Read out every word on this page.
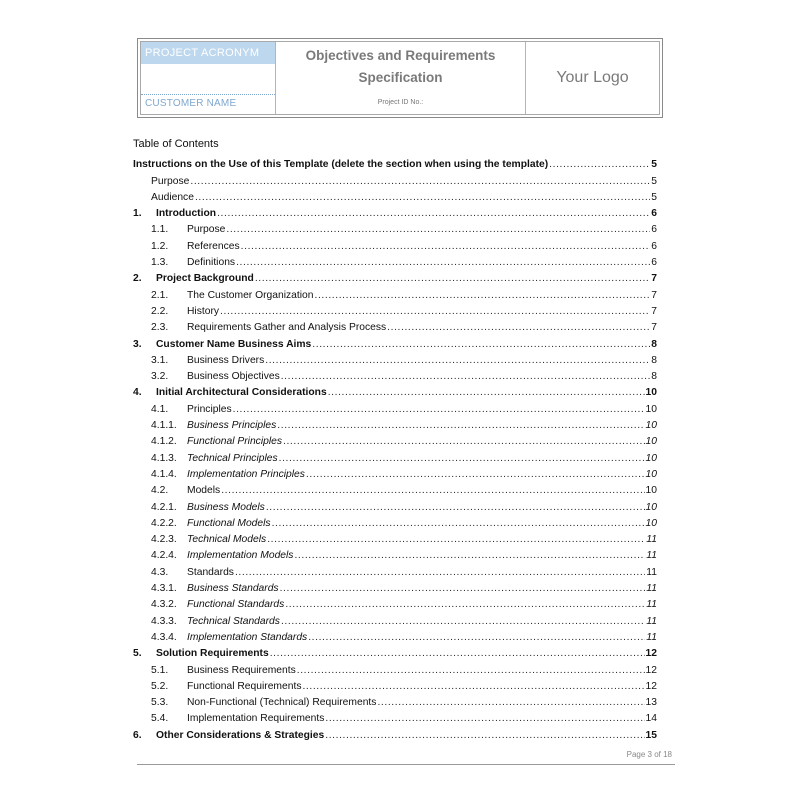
PROJECT ACRONYM
CUSTOMER NAME
Objectives and Requirements
Specification
Project ID No.:
Your Logo
Table of Contents
Instructions on the Use of this Template (delete the section when using the template) .....	5
Purpose .....	5
Audience .....	5
1.	Introduction .....	6
1.1.	Purpose .....	6
1.2.	References .....	6
1.3.	Definitions .....	6
2.	Project Background .....	7
2.1.	The Customer Organization .....	7
2.2.	History .....	7
2.3.	Requirements Gather and Analysis Process .....	7
3.	Customer Name Business Aims .....	8
3.1.	Business Drivers .....	8
3.2.	Business Objectives .....	8
4.	Initial Architectural Considerations .....	10
4.1.	Principles .....	10
4.1.1. Business Principles .....	10
4.1.2. Functional Principles .....	10
4.1.3. Technical Principles .....	10
4.1.4. Implementation Principles .....	10
4.2.	Models .....	10
4.2.1. Business Models .....	10
4.2.2. Functional Models .....	10
4.2.3. Technical Models .....	11
4.2.4. Implementation Models .....	11
4.3.	Standards .....	11
4.3.1. Business Standards .....	11
4.3.2. Functional Standards .....	11
4.3.3. Technical Standards .....	11
4.3.4. Implementation Standards .....	11
5.	Solution Requirements .....	12
5.1.	Business Requirements .....	12
5.2.	Functional Requirements .....	12
5.3.	Non-Functional (Technical) Requirements .....	13
5.4.	Implementation Requirements .....	14
6.	Other Considerations & Strategies .....	15
Page 3 of 18
